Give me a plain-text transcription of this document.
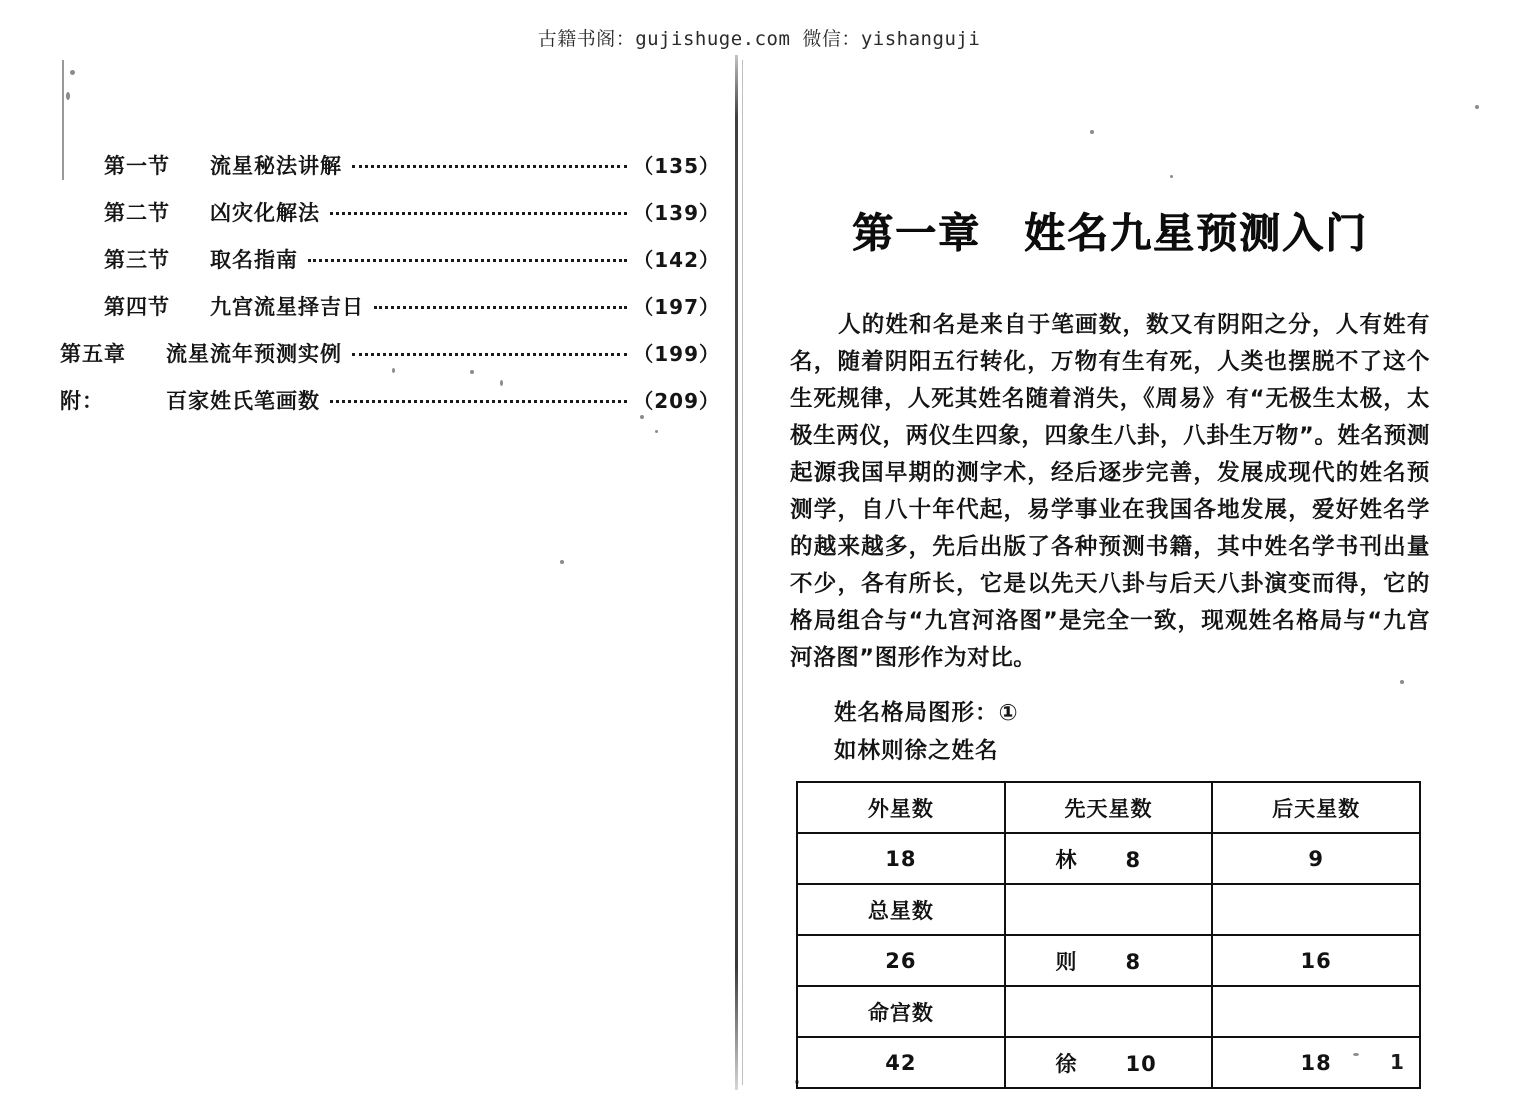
古籍书阁：gujishuge.com 微信：yishanguji
第一节 流星秘法讲解	（135）
第二节 凶灾化解法	（139）
第三节 取名指南	（142）
第四节 九宫流星择吉日	（197）
第五章 流星流年预测实例	（199）
附：	百家姓氏笔画数	（209）
第一章　姓名九星预测入门
人的姓和名是来自于笔画数，数又有阴阳之分，人有姓有名，随着阴阳五行转化，万物有生有死，人类也摆脱不了这个生死规律，人死其姓名随着消失，《周易》有“无极生太极，太极生两仪，两仪生四象，四象生八卦，八卦生万物”。姓名预测起源我国早期的测字术，经后逐步完善，发展成现代的姓名预测学，自八十年代起，易学事业在我国各地发展，爱好姓名学的越来越多，先后出版了各种预测书籍，其中姓名学书刊出量不少，各有所长，它是以先天八卦与后天八卦演变而得，它的格局组合与“九宫河洛图”是完全一致，现观姓名格局与“九宫河洛图”图形作为对比。
姓名格局图形：①
如林则徐之姓名
外星数	先天星数	后天星数
18	林 8	9
总星数		
26	则 8	16
命宫数		
42	徐 10	18	1
